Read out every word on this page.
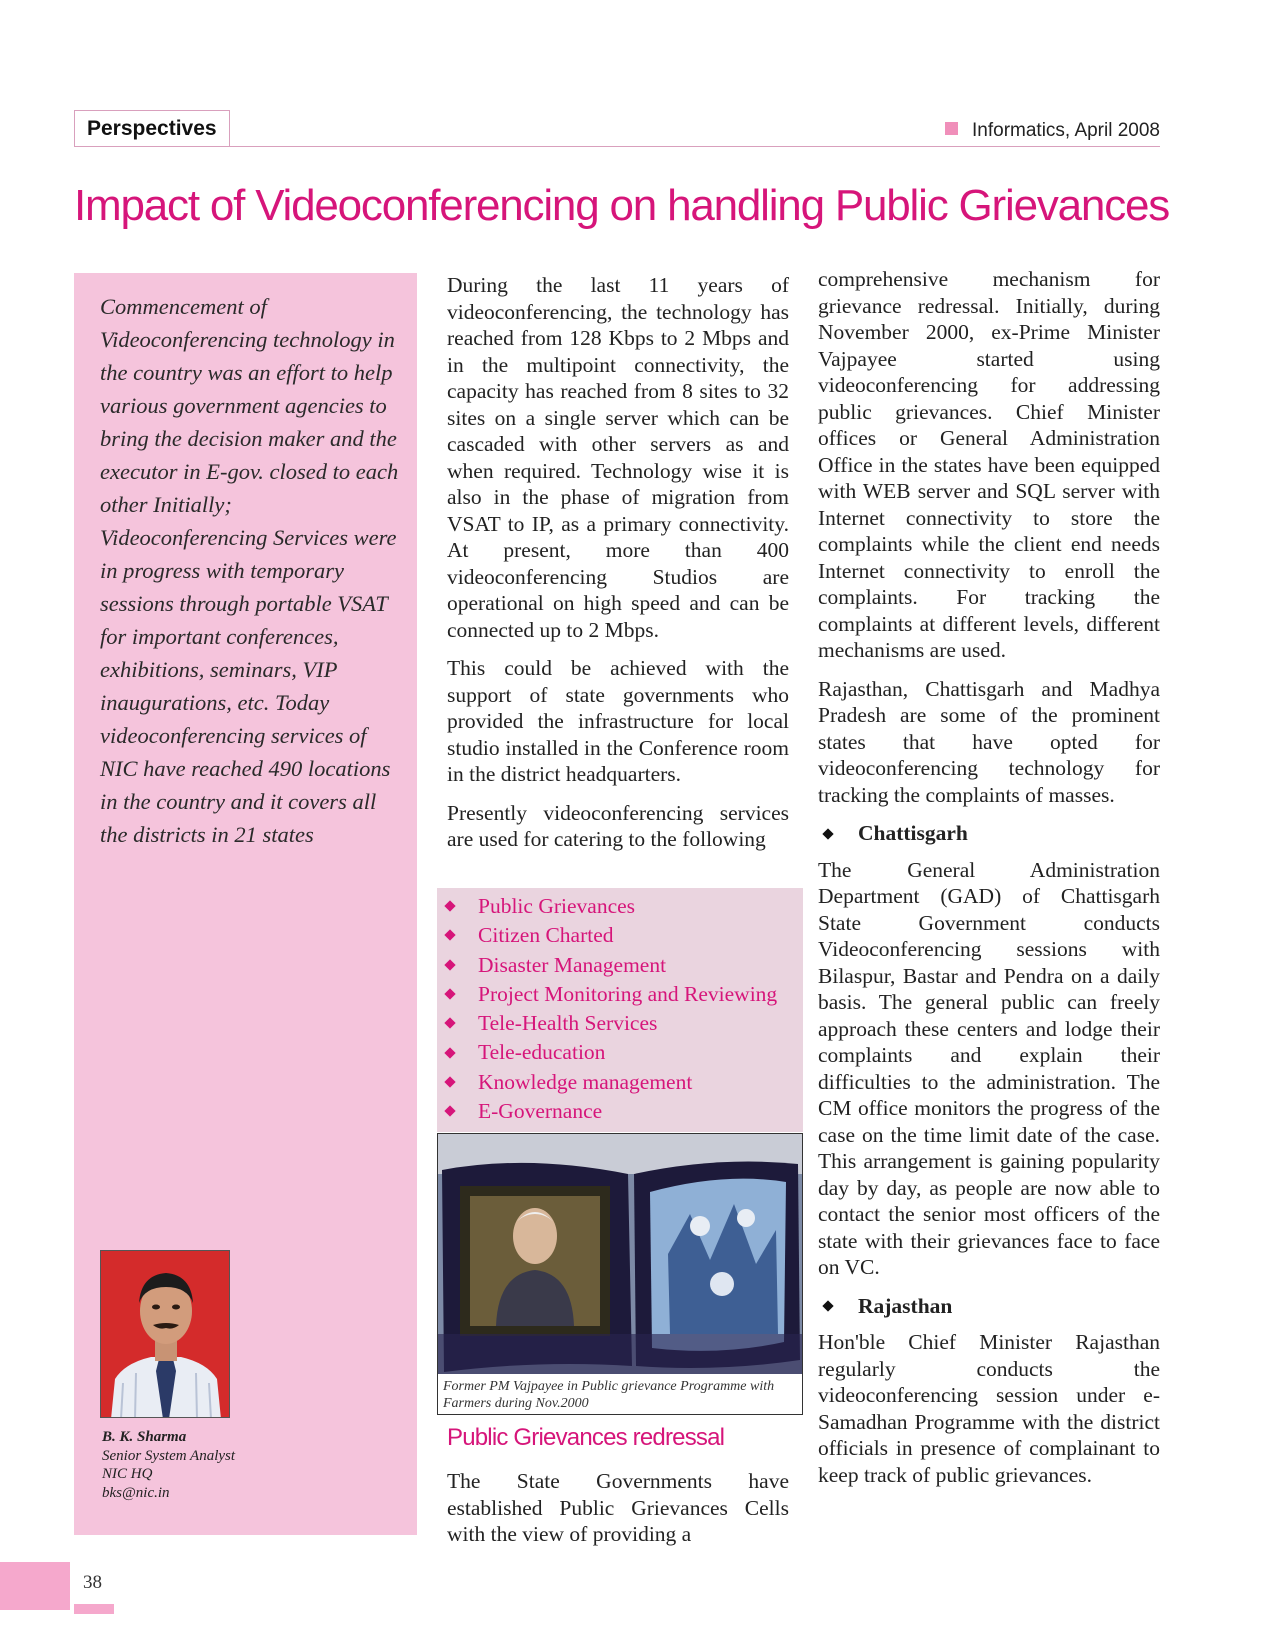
Perspectives	Informatics, April 2008
Impact of Videoconferencing on handling Public Grievances
Commencement of Videoconferencing technology in the country was an effort to help various government agencies to bring the decision maker and the executor in E-gov. closed to each other Initially; Videoconferencing Services were in progress with temporary sessions through portable VSAT for important conferences, exhibitions, seminars, VIP inaugurations, etc. Today videoconferencing services of NIC have reached 490 locations in the country and it covers all the districts in 21 states
B. K. Sharma
Senior System Analyst
NIC HQ
bks@nic.in

During the last 11 years of videoconferencing, the technology has reached from 128 Kbps to 2 Mbps and in the multipoint connectivity, the capacity has reached from 8 sites to 32 sites on a single server which can be cascaded with other servers as and when required. Technology wise it is also in the phase of migration from VSAT to IP, as a primary connectivity. At present, more than 400 videoconferencing Studios are operational on high speed and can be connected up to 2 Mbps.

This could be achieved with the support of state governments who provided the infrastructure for local studio installed in the Conference room in the district headquarters.

Presently videoconferencing services are used for catering to the following

Public Grievances
Citizen Charted
Disaster Management
Project Monitoring and Reviewing
Tele-Health Services
Tele-education
Knowledge management
E-Governance
Former PM Vajpayee in Public grievance Programme with Farmers during Nov.2000
Public Grievances redressal

The State Governments have established Public Grievances Cells with the view of providing a

comprehensive mechanism for grievance redressal. Initially, during November 2000, ex-Prime Minister Vajpayee started using videoconferencing for addressing public grievances. Chief Minister offices or General Administration Office in the states have been equipped with WEB server and SQL server with Internet connectivity to store the complaints while the client end needs Internet connectivity to enroll the complaints. For tracking the complaints at different levels, different mechanisms are used.

Rajasthan, Chattisgarh and Madhya Pradesh are some of the prominent states that have opted for videoconferencing technology for tracking the complaints of masses.

Chattisgarh

The General Administration Department (GAD) of Chattisgarh State Government conducts Videoconferencing sessions with Bilaspur, Bastar and Pendra on a daily basis. The general public can freely approach these centers and lodge their complaints and explain their difficulties to the administration. The CM office monitors the progress of the case on the time limit date of the case. This arrangement is gaining popularity day by day, as people are now able to contact the senior most officers of the state with their grievances face to face on VC.

Rajasthan

Hon'ble Chief Minister Rajasthan regularly conducts the videoconferencing session under e-Samadhan Programme with the district officials in presence of complainant to keep track of public grievances.

38
